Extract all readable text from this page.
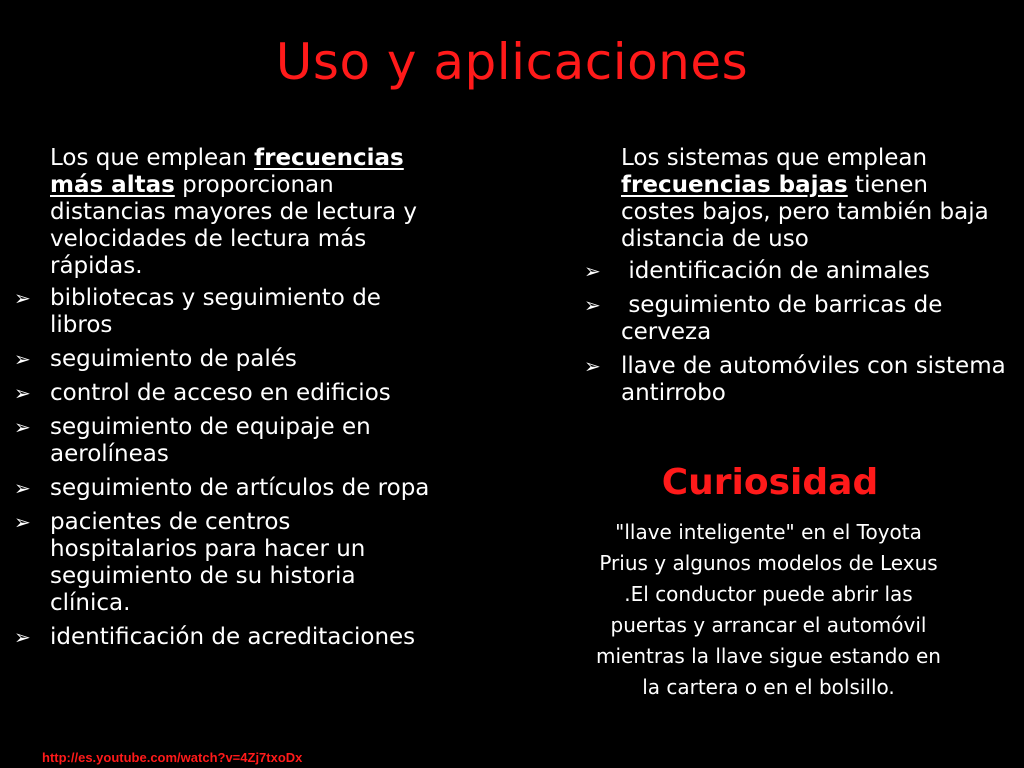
Uso y aplicaciones
Los que emplean frecuencias más altas proporcionan distancias mayores de lectura y velocidades de lectura más rápidas.
➢ bibliotecas y seguimiento de libros
➢ seguimiento de palés
➢ control de acceso en edificios
➢ seguimiento de equipaje en aerolíneas
➢ seguimiento de artículos de ropa
➢ pacientes de centros hospitalarios para hacer un seguimiento de su historia clínica.
➢ identificación de acreditaciones
Los sistemas que emplean frecuencias bajas tienen costes bajos, pero también baja distancia de uso
➢ identificación de animales
➢ seguimiento de barricas de cerveza
➢ llave de automóviles con sistema antirrobo
Curiosidad
"llave inteligente" en el Toyota Prius y algunos modelos de Lexus .El conductor puede abrir las puertas y arrancar el automóvil mientras la llave sigue estando en la cartera o en el bolsillo.
http://es.youtube.com/watch?v=4Zj7txoDx
